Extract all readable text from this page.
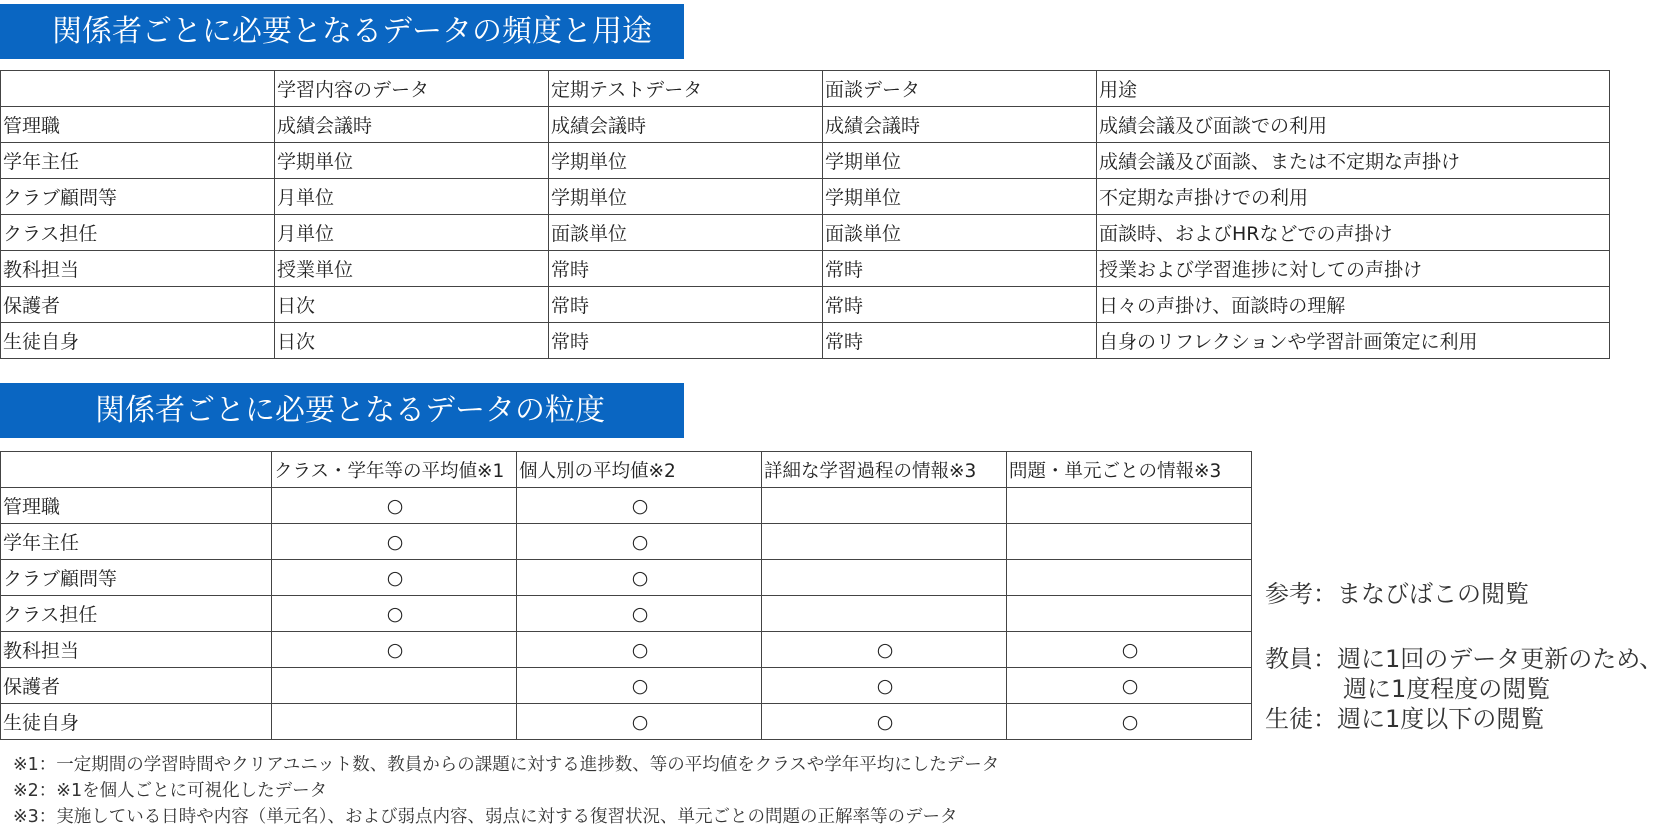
関係者ごとに必要となるデータの頻度と用途
	学習内容のデータ	定期テストデータ	面談データ	用途
管理職	成績会議時	成績会議時	成績会議時	成績会議及び面談での利用
学年主任	学期単位	学期単位	学期単位	成績会議及び面談、または不定期な声掛け
クラブ顧問等	月単位	学期単位	学期単位	不定期な声掛けでの利用
クラス担任	月単位	面談単位	面談単位	面談時、およびHRなどでの声掛け
教科担当	授業単位	常時	常時	授業および学習進捗に対しての声掛け
保護者	日次	常時	常時	日々の声掛け、面談時の理解
生徒自身	日次	常時	常時	自身のリフレクションや学習計画策定に利用
関係者ごとに必要となるデータの粒度
	クラス・学年等の平均値※1	個人別の平均値※2	詳細な学習過程の情報※3	問題・単元ごとの情報※3
管理職	○	○		
学年主任	○	○		
クラブ顧問等	○	○		
クラス担任	○	○		
教科担当	○	○	○	○
保護者		○	○	○
生徒自身		○	○	○
参考：まなびばこの閲覧
教員：週に1回のデータ更新のため、
週に1度程度の閲覧
生徒：週に1度以下の閲覧
※1：一定期間の学習時間やクリアユニット数、教員からの課題に対する進捗数、等の平均値をクラスや学年平均にしたデータ
※2：※1を個人ごとに可視化したデータ
※3：実施している日時や内容（単元名）、および弱点内容、弱点に対する復習状況、単元ごとの問題の正解率等のデータ
